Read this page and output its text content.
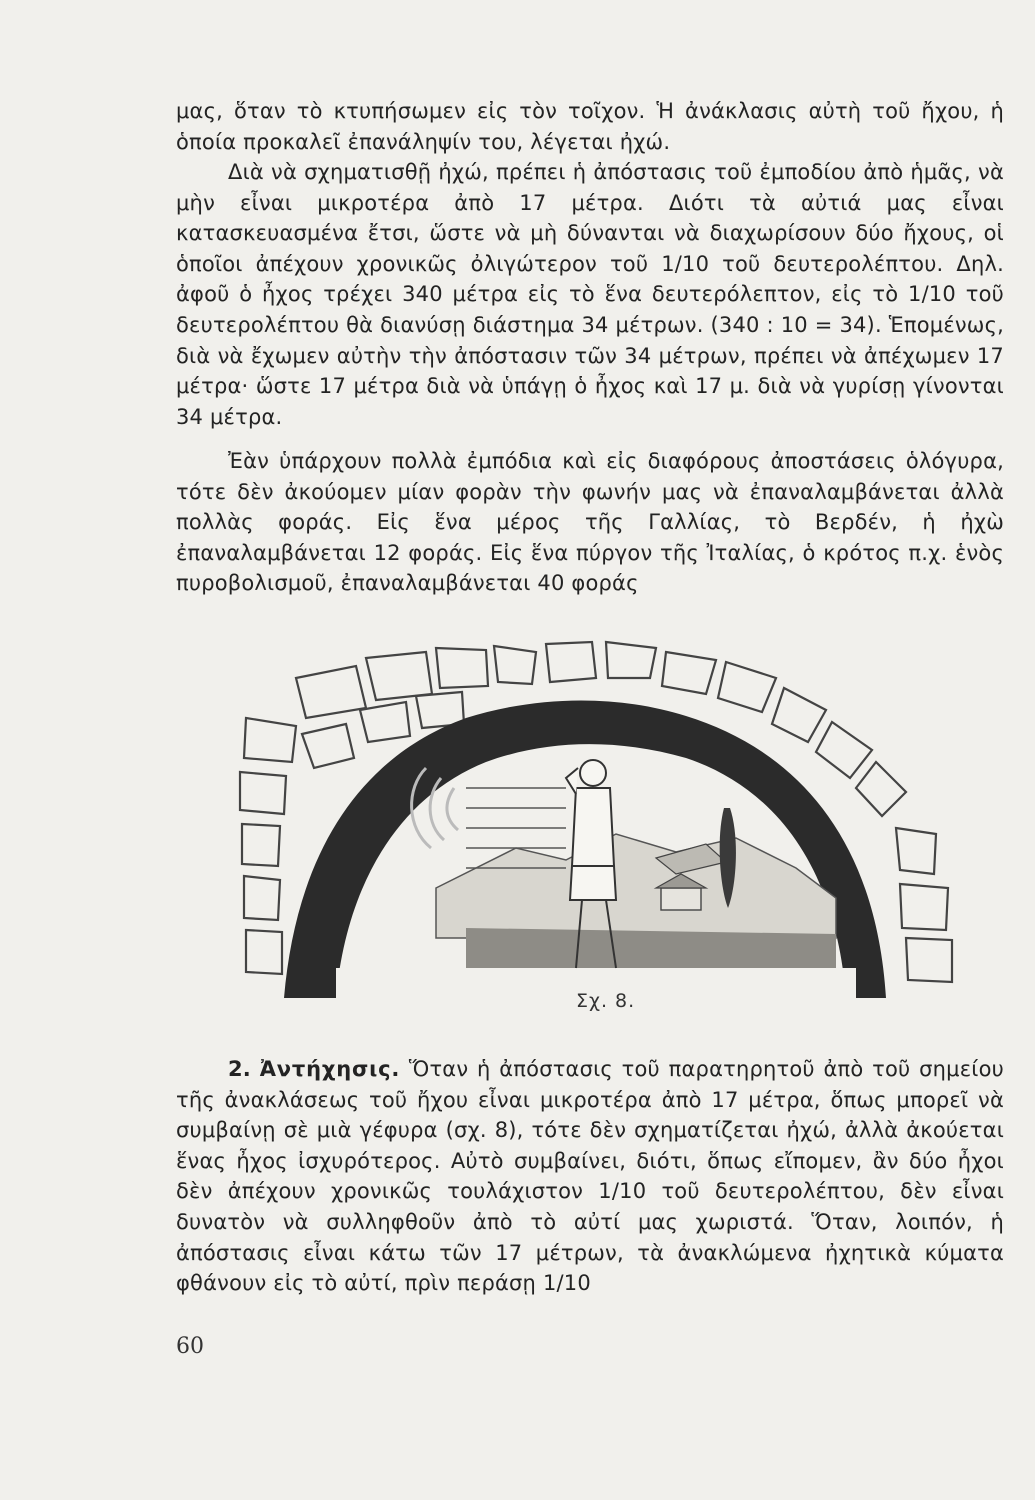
μας, ὅταν τὸ κτυπήσωμεν εἰς τὸν τοῖχον. Ἡ ἀνάκλασις αὐτὴ τοῦ ἤχου, ἡ ὁποία προκαλεῖ ἐπανάληψίν του, λέγεται ἠχώ.

Διὰ νὰ σχηματισθῇ ἠχώ, πρέπει ἡ ἀπόστασις τοῦ ἐμποδίου ἀπὸ ἡμᾶς, νὰ μὴν εἶναι μικροτέρα ἀπὸ 17 μέτρα. Διότι τὰ αὐτιά μας εἶναι κατασκευασμένα ἔτσι, ὥστε νὰ μὴ δύνανται νὰ διαχωρίσουν δύο ἤχους, οἱ ὁποῖοι ἀπέχουν χρονικῶς ὀλιγώτερον τοῦ 1/10 τοῦ δευτερολέπτου. Δηλ. ἀφοῦ ὁ ἦχος τρέχει 340 μέτρα εἰς τὸ ἕνα δευτερόλεπτον, εἰς τὸ 1/10 τοῦ δευτερολέπτου θὰ διανύσῃ διάστημα 34 μέτρων. (340 : 10 = 34). Ἑπομένως, διὰ νὰ ἔχωμεν αὐτὴν τὴν ἀπόστασιν τῶν 34 μέτρων, πρέπει νὰ ἀπέχωμεν 17 μέτρα· ὥστε 17 μέτρα διὰ νὰ ὑπάγῃ ὁ ἦχος καὶ 17 μ. διὰ νὰ γυρίσῃ γίνονται 34 μέτρα.

Ἐὰν ὑπάρχουν πολλὰ ἐμπόδια καὶ εἰς διαφόρους ἀποστάσεις ὁλόγυρα, τότε δὲν ἀκούομεν μίαν φορὰν τὴν φωνήν μας νὰ ἐπαναλαμβάνεται ἀλλὰ πολλὰς φοράς. Εἰς ἕνα μέρος τῆς Γαλλίας, τὸ Βερδέν, ἡ ἠχὼ ἐπαναλαμβάνεται 12 φοράς. Εἰς ἕνα πύργον τῆς Ἰταλίας, ὁ κρότος π.χ. ἑνὸς πυροβολισμοῦ, ἐπαναλαμβάνεται 40 φοράς

Σχ. 8.

2. Ἀντήχησις. Ὅταν ἡ ἀπόστασις τοῦ παρατηρητοῦ ἀπὸ τοῦ σημείου τῆς ἀνακλάσεως τοῦ ἤχου εἶναι μικροτέρα ἀπὸ 17 μέτρα, ὅπως μπορεῖ νὰ συμβαίνῃ σὲ μιὰ γέφυρα (σχ. 8), τότε δὲν σχηματίζεται ἠχώ, ἀλλὰ ἀκούεται ἕνας ἦχος ἰσχυρότερος. Αὐτὸ συμβαίνει, διότι, ὅπως εἴπομεν, ἂν δύο ἦχοι δὲν ἀπέχουν χρονικῶς τουλάχιστον 1/10 τοῦ δευτερολέπτου, δὲν εἶναι δυνατὸν νὰ συλληφθοῦν ἀπὸ τὸ αὐτί μας χωριστά. Ὅταν, λοιπόν, ἡ ἀπόστασις εἶναι κάτω τῶν 17 μέτρων, τὰ ἀνακλώμενα ἠχητικὰ κύματα φθάνουν εἰς τὸ αὐτί, πρὶν περάσῃ 1/10

60
